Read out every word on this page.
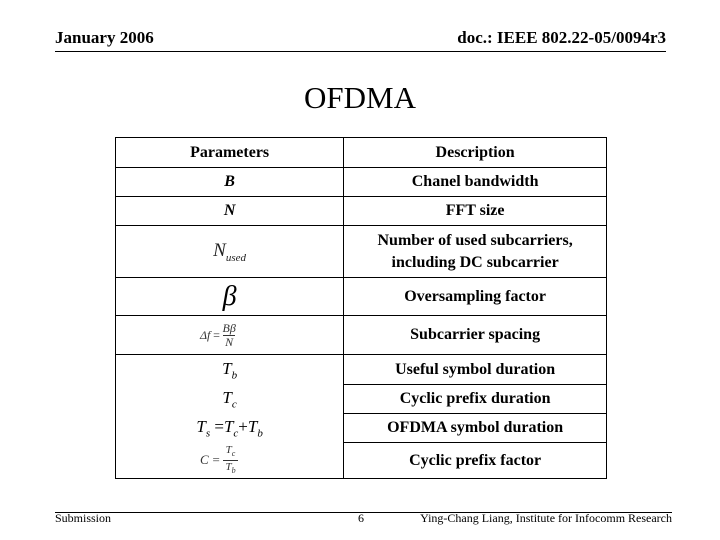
January 2006	doc.: IEEE 802.22-05/0094r3
OFDMA
Parameters	Description
B	Chanel bandwidth
N	FFT size
$N_{used}$	Number of used subcarriers,
including DC subcarrier

β	Oversampling factor

$\Delta f = \frac{B\beta}{N}$	Subcarrier spacing
$T_b$	Useful symbol duration
$T_c$	Cyclic prefix duration
$T_s =T_c+T_b$	OFDMA symbol duration

$C = \frac{T_c}{T_b}$	Cyclic prefix factor
Submission	6	Ying-Chang Liang, Institute for Infocomm Research
